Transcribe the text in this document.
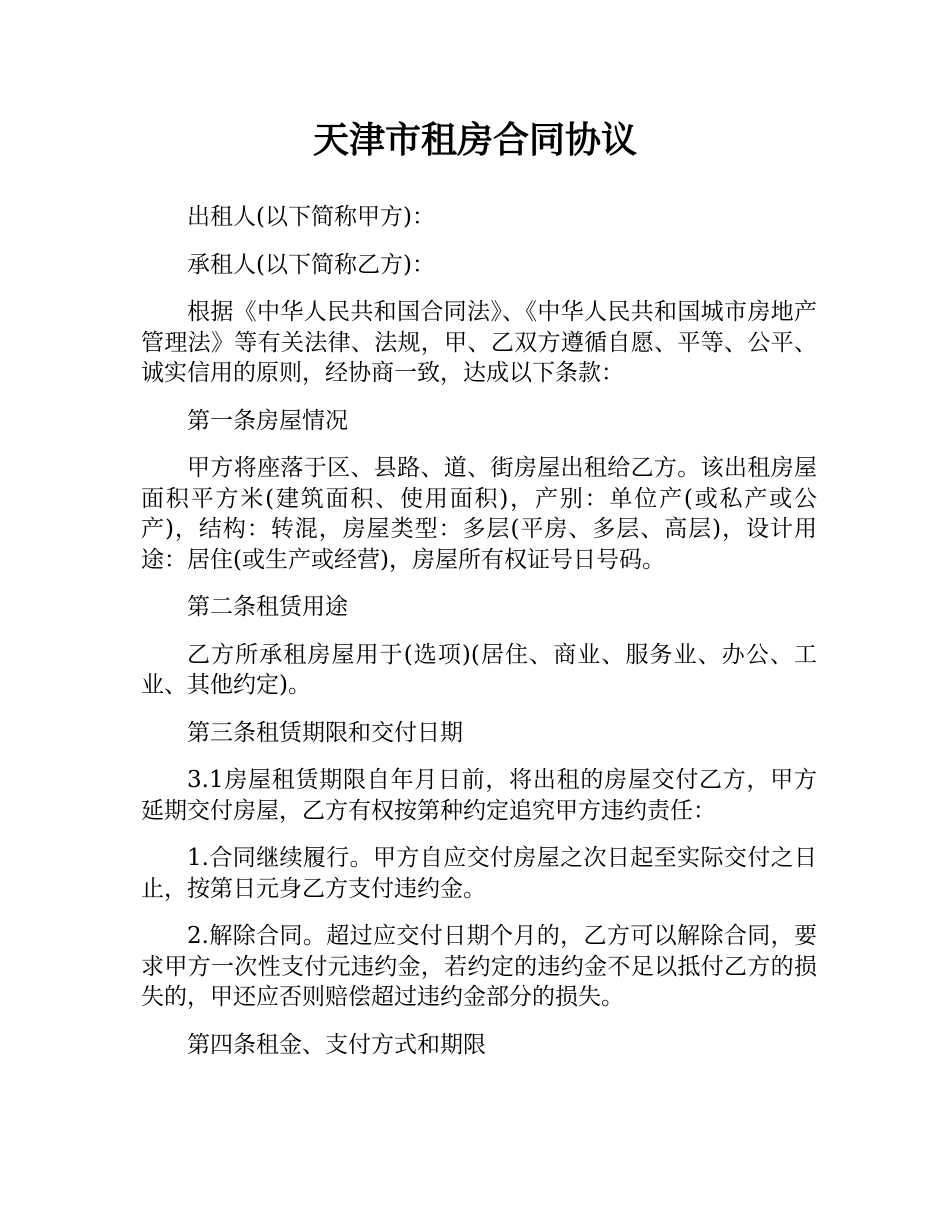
天津市租房合同协议

出租人(以下简称甲方)：

承租人(以下简称乙方)：

根据《中华人民共和国合同法》、《中华人民共和国城市房地产管理法》等有关法律、法规，甲、乙双方遵循自愿、平等、公平、诚实信用的原则，经协商一致，达成以下条款：

第一条房屋情况

甲方将座落于区、县路、道、街房屋出租给乙方。该出租房屋面积平方米(建筑面积、使用面积)，产别：单位产(或私产或公产)，结构：转混，房屋类型：多层(平房、多层、高层)，设计用途：居住(或生产或经营)，房屋所有权证号日号码。

第二条租赁用途

乙方所承租房屋用于(选项)(居住、商业、服务业、办公、工业、其他约定)。

第三条租赁期限和交付日期

3.1房屋租赁期限自年月日前，将出租的房屋交付乙方，甲方延期交付房屋，乙方有权按第种约定追究甲方违约责任：

1.合同继续履行。甲方自应交付房屋之次日起至实际交付之日止，按第日元身乙方支付违约金。

2.解除合同。超过应交付日期个月的，乙方可以解除合同，要求甲方一次性支付元违约金，若约定的违约金不足以抵付乙方的损失的，甲还应否则赔偿超过违约金部分的损失。

第四条租金、支付方式和期限
